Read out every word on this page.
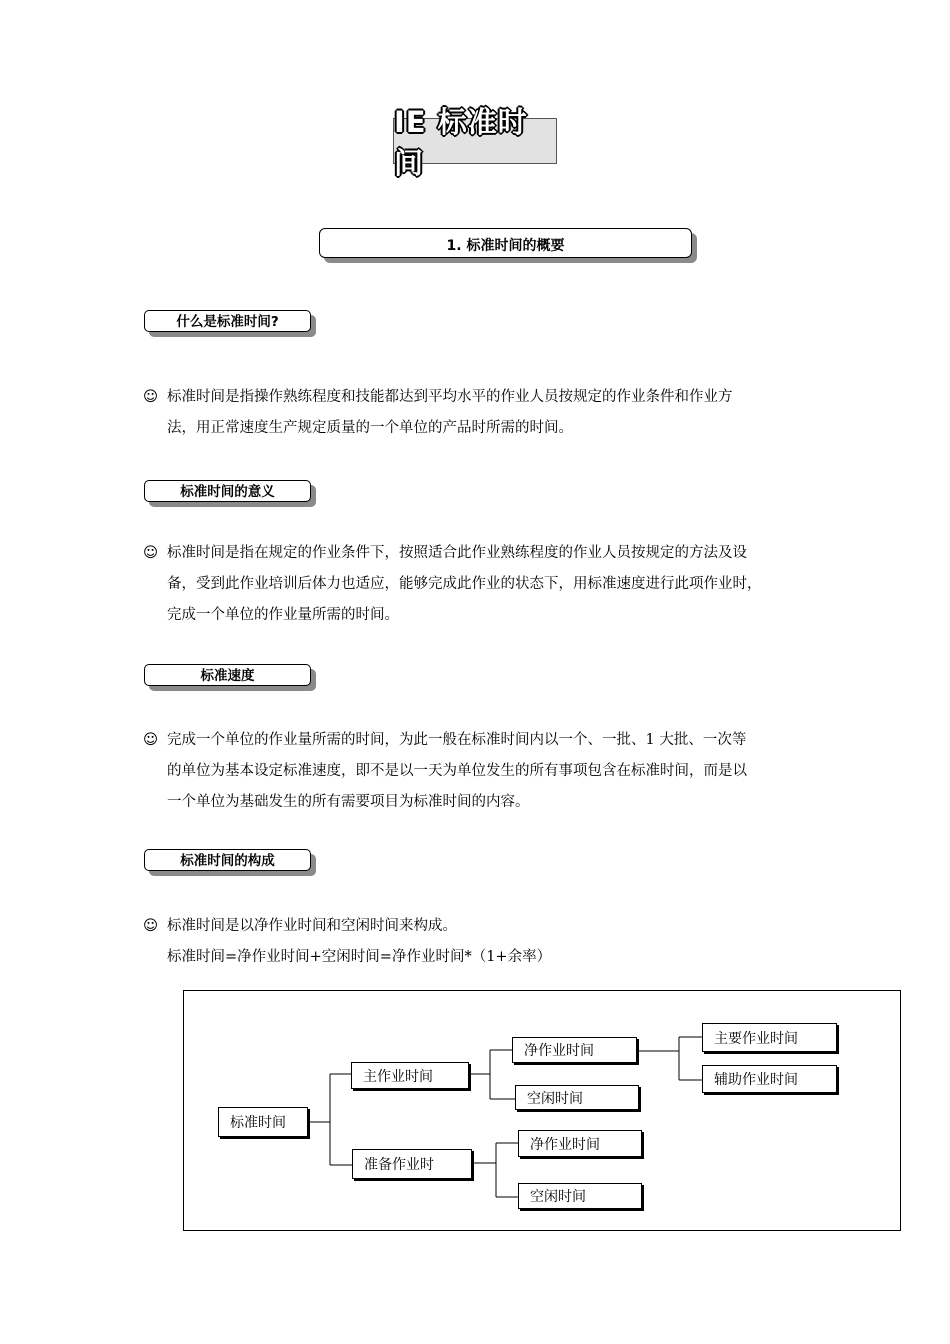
IE 标准时间
1. 标准时间的概要
什么是标准时间?
☺ 标准时间是指操作熟练程度和技能都达到平均水平的作业人员按规定的作业条件和作业方
法，用正常速度生产规定质量的一个单位的产品时所需的时间。
标准时间的意义
☺ 标准时间是指在规定的作业条件下，按照适合此作业熟练程度的作业人员按规定的方法及设
备，受到此作业培训后体力也适应，能够完成此作业的状态下，用标准速度进行此项作业时，
完成一个单位的作业量所需的时间。
标准速度
☺ 完成一个单位的作业量所需的时间，为此一般在标准时间内以一个、一批、1 大批、一次等
的单位为基本设定标准速度，即不是以一天为单位发生的所有事项包含在标准时间，而是以
一个单位为基础发生的所有需要项目为标准时间的内容。
标准时间的构成
☺ 标准时间是以净作业时间和空闲时间来构成。
标准时间=净作业时间+空闲时间=净作业时间*（1+余率）
标准时间
主作业时间
准备作业时
净作业时间
空闲时间
净作业时间
空闲时间
主要作业时间
辅助作业时间
